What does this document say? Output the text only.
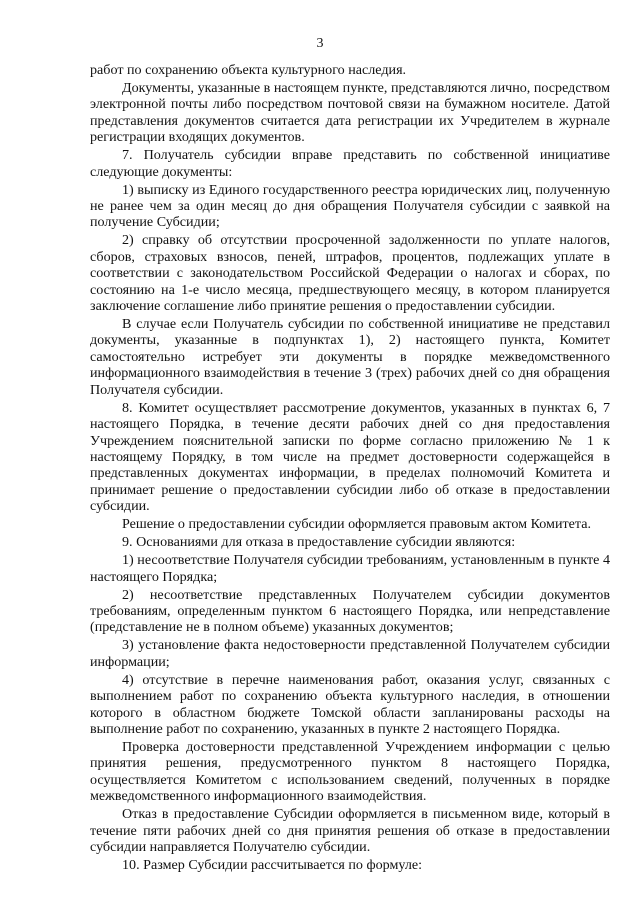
3

работ по сохранению объекта культурного наследия.

Документы, указанные в настоящем пункте, представляются лично, посредством электронной почты либо посредством почтовой связи на бумажном носителе. Датой представления документов считается дата регистрации их Учредителем в журнале регистрации входящих документов.

7. Получатель субсидии вправе представить по собственной инициативе следующие документы:

1) выписку из Единого государственного реестра юридических лиц, полученную не ранее чем за один месяц до дня обращения Получателя субсидии с заявкой на получение Субсидии;

2) справку об отсутствии просроченной задолженности по уплате налогов, сборов, страховых взносов, пеней, штрафов, процентов, подлежащих уплате в соответствии с законодательством Российской Федерации о налогах и сборах, по состоянию на 1-е число месяца, предшествующего месяцу, в котором планируется заключение соглашение либо принятие решения о предоставлении субсидии.

В случае если Получатель субсидии по собственной инициативе не представил документы, указанные в подпунктах 1), 2) настоящего пункта, Комитет самостоятельно истребует эти документы в порядке межведомственного информационного взаимодействия в течение 3 (трех) рабочих дней со дня обращения Получателя субсидии.

8. Комитет осуществляет рассмотрение документов, указанных в пунктах 6, 7 настоящего Порядка, в течение десяти рабочих дней со дня предоставления Учреждением пояснительной записки по форме согласно приложению № 1 к настоящему Порядку, в том числе на предмет достоверности содержащейся в представленных документах информации, в пределах полномочий Комитета и принимает решение о предоставлении субсидии либо об отказе в предоставлении субсидии.

Решение о предоставлении субсидии оформляется правовым актом Комитета.

9. Основаниями для отказа в предоставление субсидии являются:

1) несоответствие Получателя субсидии требованиям, установленным в пункте 4 настоящего Порядка;

2) несоответствие представленных Получателем субсидии документов требованиям, определенным пунктом 6 настоящего Порядка, или непредставление (представление не в полном объеме) указанных документов;

3) установление факта недостоверности представленной Получателем субсидии информации;

4) отсутствие в перечне наименования работ, оказания услуг, связанных с выполнением работ по сохранению объекта культурного наследия, в отношении которого в областном бюджете Томской области запланированы расходы на выполнение работ по сохранению, указанных в пункте 2 настоящего Порядка.

Проверка достоверности представленной Учреждением информации с целью принятия решения, предусмотренного пунктом 8 настоящего Порядка, осуществляется Комитетом с использованием сведений, полученных в порядке межведомственного информационного взаимодействия.

Отказ в предоставление Субсидии оформляется в письменном виде, который в течение пяти рабочих дней со дня принятия решения об отказе в предоставлении субсидии направляется Получателю субсидии.

10. Размер Субсидии рассчитывается по формуле:
